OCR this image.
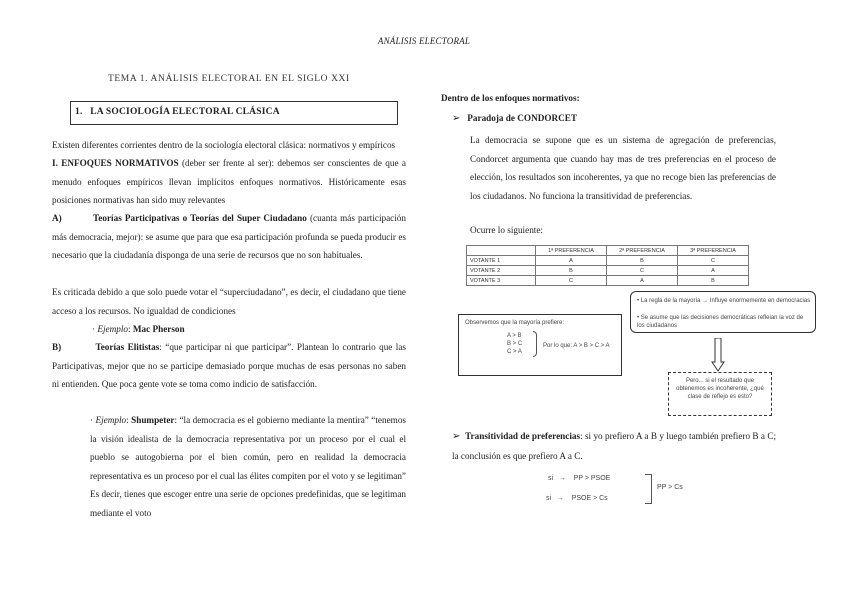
ANÁLISIS ELECTORAL
TEMA 1. ANÁLISIS ELECTORAL EN EL SIGLO XXI
1. LA SOCIOLOGÍA ELECTORAL CLÁSICA
Existen diferentes corrientes dentro de la sociología electoral clásica: normativos y empíricos
I. ENFOQUES NORMATIVOS (deber ser frente al ser): debemos ser conscientes de que a menudo enfoques empíricos llevan implícitos enfoques normativos. Históricamente esas posiciones normativas han sido muy relevantes
A)	Teorías Participativas o Teorías del Super Ciudadano (cuanta más participación más democracia, mejor): se asume que para que esa participación profunda se pueda producir es necesario que la ciudadanía disponga de una serie de recursos que no son habituales.
Es criticada debido a que solo puede votar el “superciudadano”, es decir, el ciudadano que tiene acceso a los recursos. No igualdad de condiciones
· Ejemplo: Mac Pherson
B)	Teorías Elitistas: “que participar ni que participar”. Plantean lo contrario que las Participativas, mejor que no se participe demasiado porque muchas de esas personas no saben ni entienden. Que poca gente vote se toma como indicio de satisfacción.
· Ejemplo: Shumpeter: “la democracia es el gobierno mediante la mentira” “tenemos la visión idealista de la democracia representativa por un proceso por el cual el pueblo se autogobierna por el bien común, pero en realidad la democracia representativa es un proceso por el cual las élites compiten por el voto y se legitiman” Es decir, tienes que escoger entre una serie de opciones predefinidas, que se legitiman mediante el voto
Dentro de los enfoques normativos:
➢ Paradoja de CONDORCET
La democracia se supone que es un sistema de agregación de preferencias, Condorcet argumenta que cuando hay mas de tres preferencias en el proceso de elección, los resultados son incoherentes, ya que no recoge bien las preferencias de los ciudadanos. No funciona la transitividad de preferencias.
Ocurre lo siguiente:
	1ª PREFERENCIA	2ª PREFERENCIA	3ª PREFERENCIA
VOTANTE 1	A	B	C
VOTANTE 2	B	C	A
VOTANTE 3	C	A	B
Observemos que la mayoría prefiere:
A > B
B > C
C > A
Por lo que: A > B > C > A
• La regla de la mayoría → Influye enormemente en democracias
• Se asume que las decisiones democráticas refleian la voz de los ciudadanos
Pero... si el resultado que obtenemos es incoherente, ¿qué clase de reflejo es esto?
➢ Transitividad de preferencias: si yo prefiero A a B y luego también prefiero B a C; la conclusión es que prefiero A a C.
si → PP > PSOE
si → PSOE > Cs
PP > Cs
